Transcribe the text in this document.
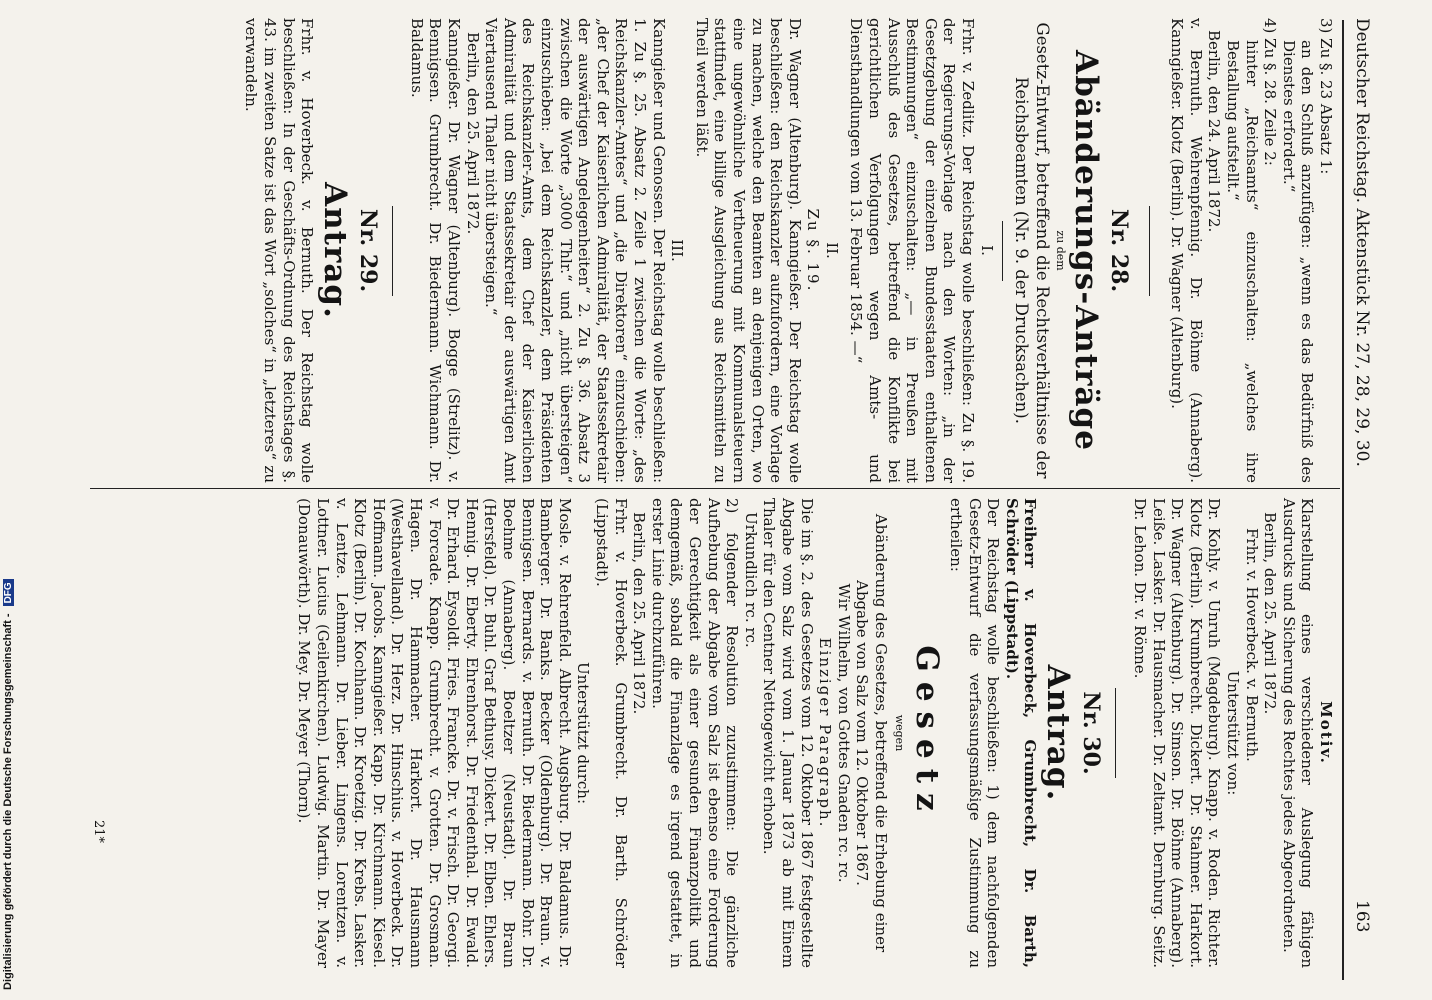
Deutscher Reichstag. Aktenstück Nr. 27, 28, 29, 30.
163

3) Zu §. 23 Absatz 1:

an den Schluß anzufügen: „wenn es das Bedürfniß des Dienstes erfordert.“

4) Zu §. 28. Zeile 2:

hinter „Reichsamts“ einzuschalten: „welches ihre Bestallung aufstellt.“

Berlin, den 24. April 1872.

v. Bernuth. Wehrenpfennig. Dr. Böhme (Annaberg). Kanngießer. Klotz (Berlin). Dr. Wagner (Altenburg).

Nr. 28.

Abänderungs-Anträge

zu dem

Gesetz-Entwurf, betreffend die Rechtsverhältnisse der Reichsbeamten (Nr. 9. der Drucksachen).

I.

Frhr. v. Zedlitz. Der Reichstag wolle beschließen: Zu §. 19. der Regierungs-Vorlage nach den Worten: „in der Gesetzgebung der einzelnen Bundesstaaten enthaltenen Bestimmungen“ einzuschalten: „— in Preußen mit Ausschluß des Gesetzes, betreffend die Konflikte bei gerichtlichen Verfolgungen wegen Amts- und Diensthandlungen vom 13. Februar 1854. —“

II.

Zu §. 19.

Dr. Wagner (Altenburg). Kanngießer. Der Reichstag wolle beschließen: den Reichskanzler aufzufordern, eine Vorlage zu machen, welche den Beamten an denjenigen Orten, wo eine ungewöhnliche Vertheuerung mit Kommunalsteuern stattfindet, eine billige Ausgleichung aus Reichsmitteln zu Theil werden läßt.

III.

Kanngießer und Genossen. Der Reichstag wolle beschließen: 1. Zu §. 25. Absatz 2. Zeile 1 zwischen die Worte: „des Reichskanzler-Amtes“ und „die Direktoren“ einzuschieben: „der Chef der Kaiserlichen Admiralität, der Staatssekretair der auswärtigen Angelegenheiten“ 2. Zu §. 36. Absatz 3 zwischen die Worte „3000 Thlr.“ und „nicht übersteigen“ einzuschieben: „bei dem Reichskanzler, dem Präsidenten des Reichskanzler-Amts, dem Chef der Kaiserlichen Admiralität und dem Staatssekretair der auswärtigen Amt Viertausend Thaler nicht übersteigen.“

Berlin, den 25. April 1872.

Kanngießer. Dr. Wagner (Altenburg). Bogge (Strelitz). v. Bennigsen. Grumbrecht. Dr. Biedermann. Wichmann. Dr. Baldamus.

Nr. 29.

Antrag.

Frhr. v. Hoverbeck. v. Bernuth. Der Reichstag wolle beschließen: In der Geschäfts-Ordnung des Reichstages §. 43. im zweiten Satze ist das Wort „solches“ in „letzteres“ zu verwandeln.

Motiv.

Klarstellung eines verschiedener Auslegung fähigen Ausdrucks und Sicherung des Rechtes jedes Abgeordneten.

Berlin, den 25. April 1872.

Frhr. v. Hoverbeck. v. Bernuth.

Unterstützt von:

Dr. Kohly. v. Unruh (Magdeburg). Knapp. v. Roden. Richter. Klotz (Berlin). Krumbrecht. Dickert. Dr. Stahmer. Harkort. Dr. Wagner (Altenburg). Dr. Simson. Dr. Böhme (Annaberg). Leiße. Lasker. Dr. Hausmacher. Dr. Zeltamt. Dernburg. Seitz. Dr. Lehon. Dr. v. Rönne.

Nr. 30.

Antrag.

Freiherr v. Hoverbeck, Grumbrecht, Dr. Barth, Schröder (Lippstadt).

Der Reichstag wolle beschließen: 1) dem nachfolgenden Gesetz-Entwurf die verfassungsmäßige Zustimmung zu ertheilen:

Gesetz

wegen

Abänderung des Gesetzes, betreffend die Erhebung einer Abgabe von Salz vom 12. Oktober 1867.

Wir Wilhelm, von Gottes Gnaden rc. rc.

Einziger Paragraph.

Die im §. 2. des Gesetzes vom 12. Oktober 1867 festgestellte Abgabe vom Salz wird vom 1. Januar 1873 ab mit Einem Thaler für den Centner Nettogewicht erhoben.

Urkundlich rc. rc.

2) folgender Resolution zuzustimmen: Die gänzliche Aufhebung der Abgabe vom Salz ist ebenso eine Forderung der Gerechtigkeit als einer gesunden Finanzpolitik und demgemäß, sobald die Finanzlage es irgend gestattet, in erster Linie durchzuführen.

Berlin, den 25. April 1872.

Frhr. v. Hoverbeck. Grumbrecht. Dr. Barth. Schröder (Lippstadt).

Unterstützt durch:

Mosle. v. Rehrenfeld. Albrecht. Augsburg. Dr. Baldamus. Dr. Bamberger. Dr. Banks. Becker (Oldenburg). Dr. Braun. v. Bennigsen. Bernards. v. Bernuth. Dr. Biedermann. Bohr. Dr. Boehme (Annaberg). Boeltzer (Neustadt). Dr. Braun (Hersfeld). Dr. Buhl. Graf Bethusy. Dickert. Dr. Elben. Ehlers. Hennig. Dr. Eberty. Ehrenhorst. Dr. Friedenthal. Dr. Ewald. Dr. Erhard. Eysoldt. Fries. Francke. Dr. v. Frisch. Dr. Georgi. v. Forcade. Knapp. Grumbrecht. v. Grotten. Dr. Grosman. Hagen. Dr. Hammacher. Harkort. Dr. Hausmann (Westhavelland). Dr. Herz. Dr. Hinschius. v. Hoverbeck. Dr. Hoffmann. Jacobs. Kanngießer. Kapp. Dr. Kirchmann. Kiesel. Klotz (Berlin). Dr. Kochhann. Dr. Kroetzig. Dr. Krebs. Lasker. v. Lentze. Lehmann. Dr. Lieber. Lingens. Lorentzen. v. Lottner. Lucius (Geilenkirchen). Ludwig. Martin. Dr. Mayer (Donauwörth). Dr. Mey. Dr. Meyer (Thorn).

21*
Digitalisierung gefördert durch die Deutsche Forschungsgemeinschaft - DFG
